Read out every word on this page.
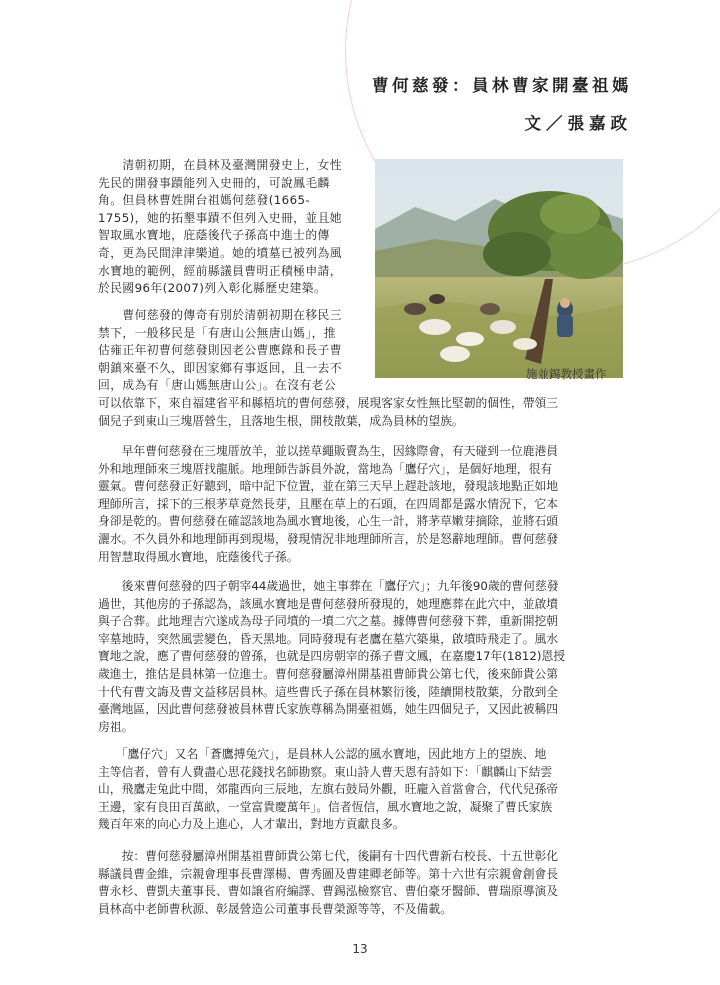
曹何慈發：員林曹家開臺祖媽
文／張嘉政

施並錫教授畫作

　　清朝初期，在員林及臺灣開發史上，女性
先民的開發事蹟能列入史冊的，可說鳳毛麟
角。但員林曹姓開台祖媽何慈發(1665-
1755)，她的拓墾事蹟不但列入史冊，並且她
智取風水寶地，庇蔭後代子孫高中進士的傳
奇，更為民間津津樂道。她的墳墓已被列為風
水寶地的範例，經前縣議員曹明正積極申請，
於民國96年(2007)列入彰化縣歷史建築。
　　曹何慈發的傳奇有別於清朝初期在移民三
禁下，一般移民是「有唐山公無唐山媽」，推
估雍正年初曹何慈發則因老公曹應錄和長子曹
朝鎮來臺不久，即因家鄉有事返回，且一去不
回，成為有「唐山媽無唐山公」。在沒有老公
可以依靠下，來自福建省平和縣梧坑的曹何慈發，展現客家女性無比堅韌的個性，帶領三
個兒子到東山三塊厝營生，且落地生根，開枝散葉，成為員林的望族。
　　早年曹何慈發在三塊厝放羊，並以搓草繩販賣為生，因緣際會，有天碰到一位鹿港員
外和地理師來三塊厝找龍脈。地理師告訴員外說，當地為「鷹仔穴」，是個好地理，很有
靈氣。曹何慈發正好聽到，暗中記下位置，並在第三天早上趕赴該地，發現該地點正如地
理師所言，採下的三根茅草竟然長芽，且壓在草上的石頭，在四周都是露水情況下，它本
身卻是乾的。曹何慈發在確認該地為風水寶地後，心生一計，將茅草嫩芽摘除，並將石頭
灑水。不久員外和地理師再到現場，發現情況非地理師所言，於是怒辭地理師。曹何慈發
用智慧取得風水寶地，庇蔭後代子孫。
　　後來曹何慈發的四子朝宰44歲過世，她主事葬在「鷹仔穴」；九年後90歲的曹何慈發
過世，其他房的子孫認為，該風水寶地是曹何慈發所發現的，她理應葬在此穴中，並啟墳
與子合葬。此地理吉穴遂成為母子同墳的一墳二穴之墓。據傳曹何慈發下葬，重新開挖朝
宰墓地時，突然風雲變色，昏天黑地。同時發現有老鷹在墓穴築巢，啟墳時飛走了。風水
寶地之說，應了曹何慈發的曾孫，也就是四房朝宰的孫子曹文鳳，在嘉慶17年(1812)恩授
歲進士，推估是員林第一位進士。曹何慈發屬漳州開基祖曹師貴公第七代，後來師貴公第
十代有曹文誨及曹文益移居員林。這些曹氏子孫在員林繁衍後，陸續開枝散葉，分散到全
臺灣地區，因此曹何慈發被員林曹氏家族尊稱為開臺祖媽，她生四個兒子，又因此被稱四
房祖。
　　「鷹仔穴」又名「蒼鷹搏兔穴」，是員林人公認的風水寶地，因此地方上的望族、地
主等信者，曾有人費盡心思花錢找名師勘察。東山詩人曹天恩有詩如下：「麒麟山下結雲
山，飛鷹走兔此中間，郊龍西向三辰地，左旗右鼓局外觀，旺龐入首當會合，代代兒孫帝
王邊，家有良田百萬畝，一堂富貴慶萬年」。信者恆信，風水寶地之說，凝聚了曹氏家族
幾百年來的向心力及上進心，人才輩出，對地方貢獻良多。
　　按：曹何慈發屬漳州開基祖曹師貴公第七代，後嗣有十四代曹新右校長、十五世彰化
縣議員曹金維，宗親會理事長曹澤楊、曹秀圖及曹建卿老師等。第十六世有宗親會創會長
曹永杉、曹凱夫董事長、曹如譲省府編譯、曹錫泓檢察官、曹伯豪牙醫師、曹瑞原導演及
員林高中老師曹秋源、彰晟營造公司董事長曹榮源等等，不及備載。

13
